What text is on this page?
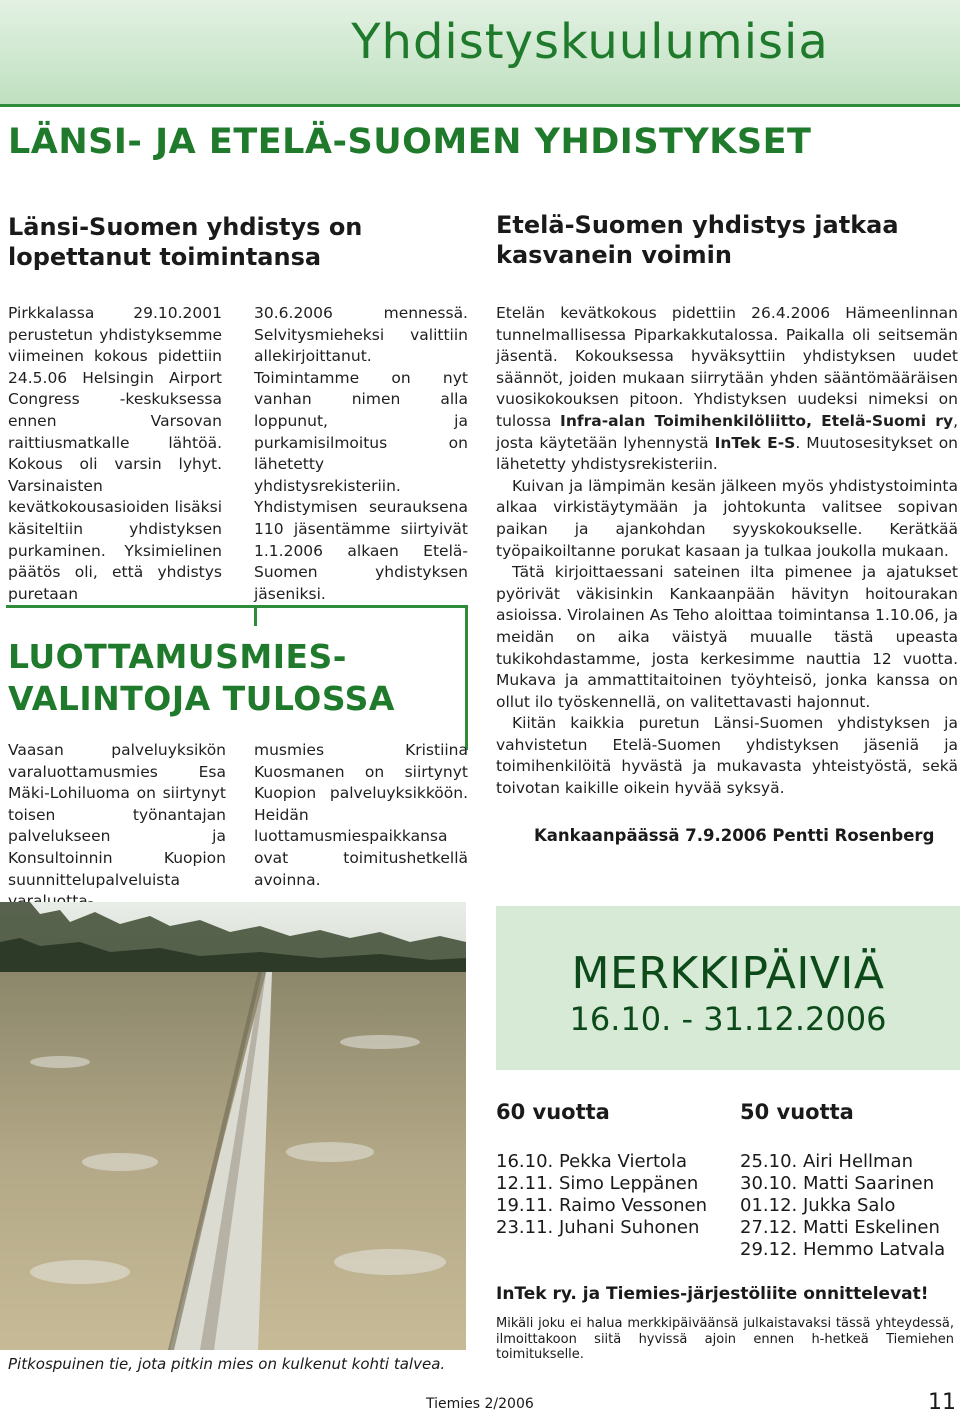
Yhdistyskuulumisia
LÄNSI- JA ETELÄ-SUOMEN YHDISTYKSET
Länsi-Suomen yhdistys on
lopettanut toimintansa
Pirkkalassa 29.10.2001 perustetun yhdistyksemme viimeinen kokous pidettiin 24.5.06 Helsingin Airport Congress -keskuksessa ennen Varsovan raittiusmatkalle lähtöä. Kokous oli varsin lyhyt. Varsinaisten kevätkokousasioiden lisäksi käsiteltiin yhdistyksen purkaminen. Yksimielinen päätös oli, että yhdistys puretaan
30.6.2006 mennessä. Selvitysmieheksi valittiin allekirjoittanut. Toimintamme on nyt vanhan nimen alla loppunut, ja purkamisilmoitus on lähetetty yhdistysrekisteriin. Yhdistymisen seurauksena 110 jäsentämme siirtyivät 1.1.2006 alkaen Etelä-Suomen yhdistyksen jäseniksi.
Etelä-Suomen yhdistys jatkaa
kasvanein voimin

Etelän kevätkokous pidettiin 26.4.2006 Hämeenlinnan tunnelmallisessa Piparkakkutalossa. Paikalla oli seitsemän jäsentä. Kokouksessa hyväksyttiin yhdistyksen uudet säännöt, joiden mukaan siirrytään yhden sääntömääräisen vuosikokouksen pitoon. Yhdistyksen uudeksi nimeksi on tulossa Infra-alan Toimihenkilöliitto, Etelä-Suomi ry, josta käytetään lyhennystä InTek E-S. Muutosesitykset on lähetetty yhdistysrekisteriin.

Kuivan ja lämpimän kesän jälkeen myös yhdistystoiminta alkaa virkistäytymään ja johtokunta valitsee sopivan paikan ja ajankohdan syyskokoukselle. Kerätkää työpaikoiltanne porukat kasaan ja tulkaa joukolla mukaan.

Tätä kirjoittaessani sateinen ilta pimenee ja ajatukset pyörivät väkisinkin Kankaanpään hävityn hoitourakan asioissa. Virolainen As Teho aloittaa toimintansa 1.10.06, ja meidän on aika väistyä muualle tästä upeasta tukikohdastamme, josta kerkesimme nauttia 12 vuotta. Mukava ja ammattitaitoinen työyhteisö, jonka kanssa on ollut ilo työskennellä, on valitettavasti hajonnut.

Kiitän kaikkia puretun Länsi-Suomen yhdistyksen ja vahvistetun Etelä-Suomen yhdistyksen jäseniä ja toimihenkilöitä hyvästä ja mukavasta yhteistyöstä, sekä toivotan kaikille oikein hyvää syksyä.

Kankaanpäässä 7.9.2006 Pentti Rosenberg
LUOTTAMUSMIES-
VALINTOJA TULOSSA
Vaasan palveluyksikön varaluottamusmies Esa Mäki-Lohiluoma on siirtynyt toisen työnantajan palvelukseen ja Konsultoinnin Kuopion suunnittelupalveluista
musmies Kristiina Kuosmanen on siirtynyt Kuopion palveluyksikköön. Heidän luottamusmiespaikkansa ovat toimitushetkellä avoinna.
Pitkospuinen tie, jota pitkin mies on kulkenut kohti talvea.
MERKKIPÄIVIÄ
16.10. - 31.12.2006
60 vuotta	50 vuotta
16.10. Pekka Viertola
12.11. Simo Leppänen
19.11. Raimo Vessonen
23.11. Juhani Suhonen
25.10. Airi Hellman
30.10. Matti Saarinen
01.12. Jukka Salo
27.12. Matti Eskelinen
29.12. Hemmo Latvala
InTek ry. ja Tiemies-järjestöliite onnittelevat!
Mikäli joku ei halua merkkipäiväänsä julkaistavaksi tässä yhteydessä, ilmoittakoon siitä hyvissä ajoin ennen h-hetkeä Tiemiehen toimitukselle.
Tiemies 2/2006	11
